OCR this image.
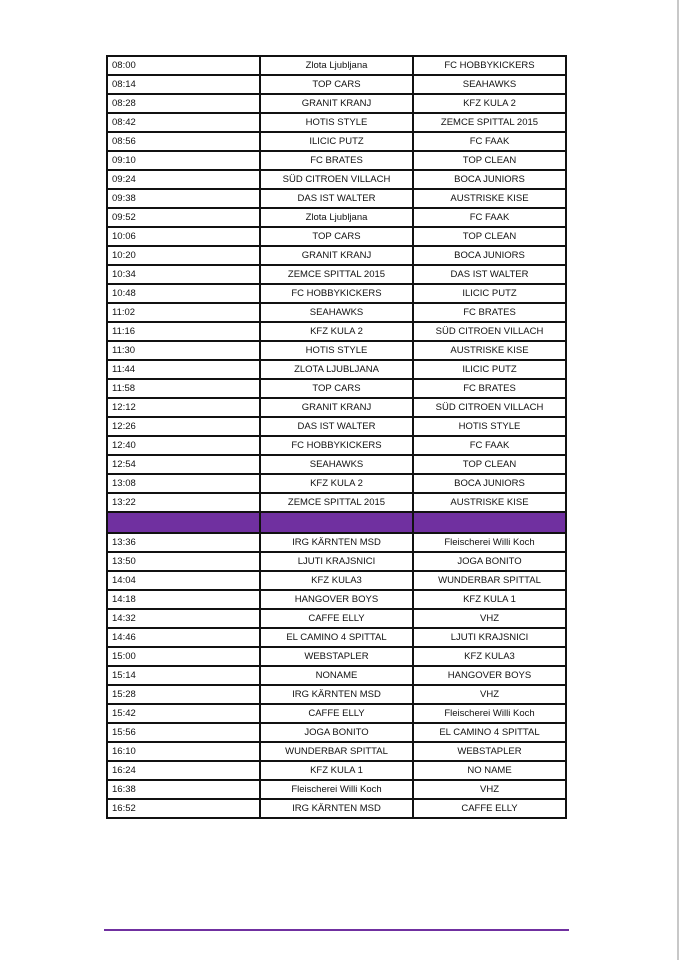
08:00	Zlota Ljubljana	FC HOBBYKICKERS
08:14	TOP CARS	SEAHAWKS
08:28	GRANIT KRANJ	KFZ KULA 2
08:42	HOTIS STYLE	ZEMCE SPITTAL 2015
08:56	ILICIC PUTZ	FC FAAK
09:10	FC BRATES	TOP CLEAN
09:24	SÜD CITROEN VILLACH	BOCA JUNIORS
09:38	DAS IST WALTER	AUSTRISKE KISE
09:52	Zlota Ljubljana	FC FAAK
10:06	TOP CARS	TOP CLEAN
10:20	GRANIT KRANJ	BOCA JUNIORS
10:34	ZEMCE SPITTAL 2015	DAS IST WALTER
10:48	FC HOBBYKICKERS	ILICIC PUTZ
11:02	SEAHAWKS	FC BRATES
11:16	KFZ KULA 2	SÜD CITROEN VILLACH
11:30	HOTIS STYLE	AUSTRISKE KISE
11:44	ZLOTA LJUBLJANA	ILICIC PUTZ
11:58	TOP CARS	FC BRATES
12:12	GRANIT KRANJ	SÜD CITROEN VILLACH
12:26	DAS IST WALTER	HOTIS STYLE
12:40	FC HOBBYKICKERS	FC FAAK
12:54	SEAHAWKS	TOP CLEAN
13:08	KFZ KULA 2	BOCA JUNIORS
13:22	ZEMCE SPITTAL 2015	AUSTRISKE KISE

13:36	IRG KÄRNTEN MSD	Fleischerei Willi Koch
13:50	LJUTI KRAJSNICI	JOGA BONITO
14:04	KFZ KULA3	WUNDERBAR SPITTAL
14:18	HANGOVER BOYS	KFZ KULA 1
14:32	CAFFE ELLY	VHZ
14:46	EL CAMINO 4 SPITTAL	LJUTI KRAJSNICI
15:00	WEBSTAPLER	KFZ KULA3
15:14	NONAME	HANGOVER BOYS
15:28	IRG KÄRNTEN MSD	VHZ
15:42	CAFFE ELLY	Fleischerei Willi Koch
15:56	JOGA BONITO	EL CAMINO 4 SPITTAL
16:10	WUNDERBAR SPITTAL	WEBSTAPLER
16:24	KFZ KULA 1	NO NAME
16:38	Fleischerei Willi Koch	VHZ
16:52	IRG KÄRNTEN MSD	CAFFE ELLY
